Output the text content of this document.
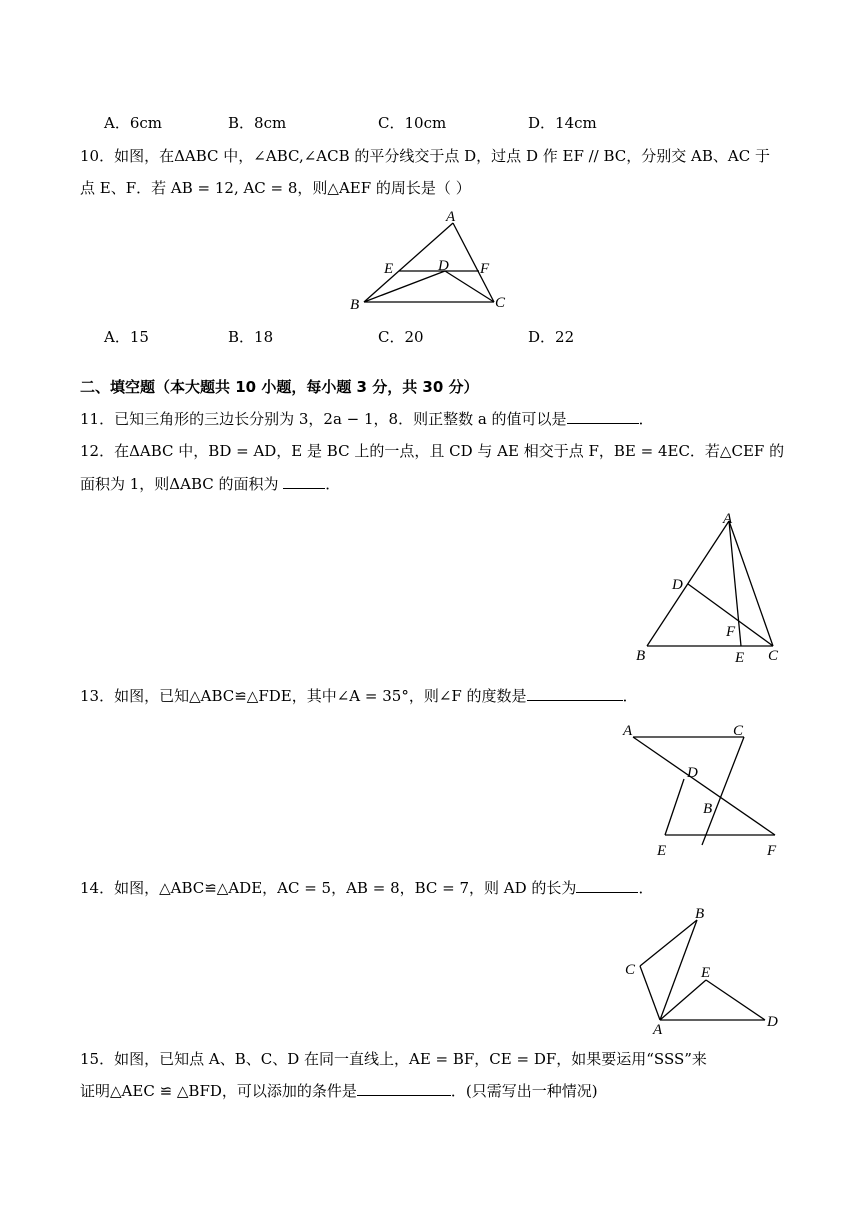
A．6cm	B．8cm	C．10cm	D．14cm
10．如图，在ΔABC 中，∠ABC,∠ACB 的平分线交于点 D，过点 D 作 EF // BC，分别交 AB、AC 于
点 E、F．若 AB = 12, AC = 8，则△AEF 的周长是（ ）
A
E	D F
B	C
A．15	B．18	C．20	D．22
二、填空题（本大题共 10 小题，每小题 3 分，共 30 分）
11．已知三角形的三边长分别为 3，2a − 1，8．则正整数 a 的值可以是	．
12．在ΔABC 中，BD = AD，E 是 BC 上的一点，且 CD 与 AE 相交于点 F，BE = 4EC．若△CEF 的
面积为 1，则ΔABC 的面积为	．
A
D
F
B	E C
13．如图，已知△ABC≌△FDE，其中∠A = 35°，则∠F 的度数是	．
A	C
D
B
E	F
14．如图，△ABC≌△ADE，AC = 5，AB = 8，BC = 7，则 AD 的长为	．
B
C	E
A	D
15．如图，已知点 A、B、C、D 在同一直线上，AE = BF，CE = DF，如果要运用“SSS”来
证明△AEC ≌ △BFD，可以添加的条件是	．(只需写出一种情况)
